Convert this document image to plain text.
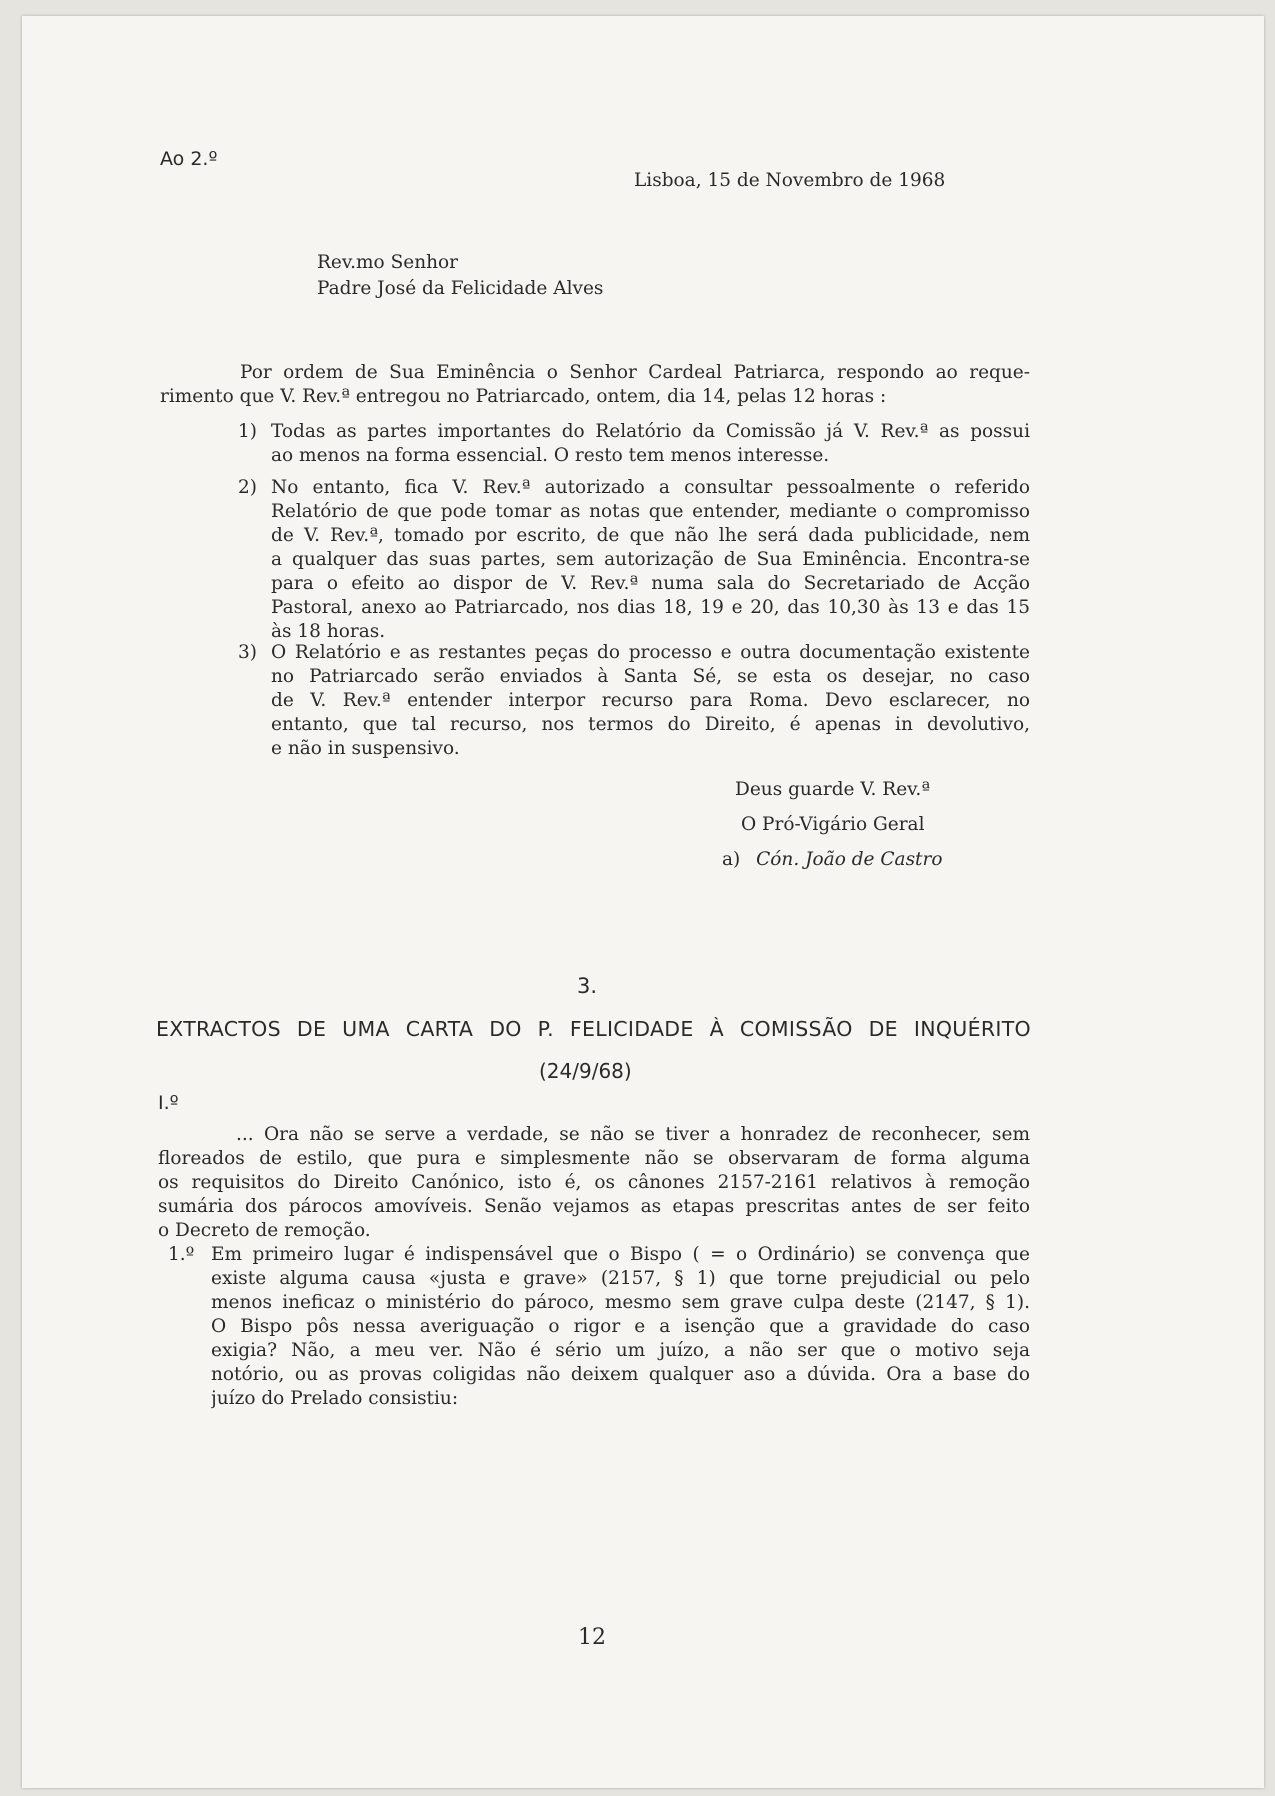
Ao 2.º
Lisboa, 15 de Novembro de 1968
Rev.mo Senhor
Padre José da Felicidade Alves
Por ordem de Sua Eminência o Senhor Cardeal Patriarca, respondo ao reque-
rimento que V. Rev.ª entregou no Patriarcado, ontem, dia 14, pelas 12 horas :
1) Todas as partes importantes do Relatório da Comissão já V. Rev.ª as possui
ao menos na forma essencial. O resto tem menos interesse.
2) No entanto, fica V. Rev.ª autorizado a consultar pessoalmente o referido
Relatório de que pode tomar as notas que entender, mediante o compromisso
de V. Rev.ª, tomado por escrito, de que não lhe será dada publicidade, nem
a qualquer das suas partes, sem autorização de Sua Eminência. Encontra-se
para o efeito ao dispor de V. Rev.ª numa sala do Secretariado de Acção
Pastoral, anexo ao Patriarcado, nos dias 18, 19 e 20, das 10,30 às 13 e das 15
às 18 horas.
3) O Relatório e as restantes peças do processo e outra documentação existente
no Patriarcado serão enviados à Santa Sé, se esta os desejar, no caso
de V. Rev.ª entender interpor recurso para Roma. Devo esclarecer, no
entanto, que tal recurso, nos termos do Direito, é apenas in devolutivo,
e não in suspensivo.
Deus guarde V. Rev.ª
O Pró-Vigário Geral
a) Cón. João de Castro
3.
EXTRACTOS DE UMA CARTA DO P. FELICIDADE À COMISSÃO DE INQUÉRITO
(24/9/68)
I.º
... Ora não se serve a verdade, se não se tiver a honradez de reconhecer, sem
floreados de estilo, que pura e simplesmente não se observaram de forma alguma
os requisitos do Direito Canónico, isto é, os cânones 2157-2161 relativos à remoção
sumária dos párocos amovíveis. Senão vejamos as etapas prescritas antes de ser feito
o Decreto de remoção.
1.º Em primeiro lugar é indispensável que o Bispo ( = o Ordinário) se convença que
existe alguma causa «justa e grave» (2157, § 1) que torne prejudicial ou pelo
menos ineficaz o ministério do pároco, mesmo sem grave culpa deste (2147, § 1).
O Bispo pôs nessa averiguação o rigor e a isenção que a gravidade do caso
exigia? Não, a meu ver. Não é sério um juízo, a não ser que o motivo seja
notório, ou as provas coligidas não deixem qualquer aso a dúvida. Ora a base do
juízo do Prelado consistiu:
12
